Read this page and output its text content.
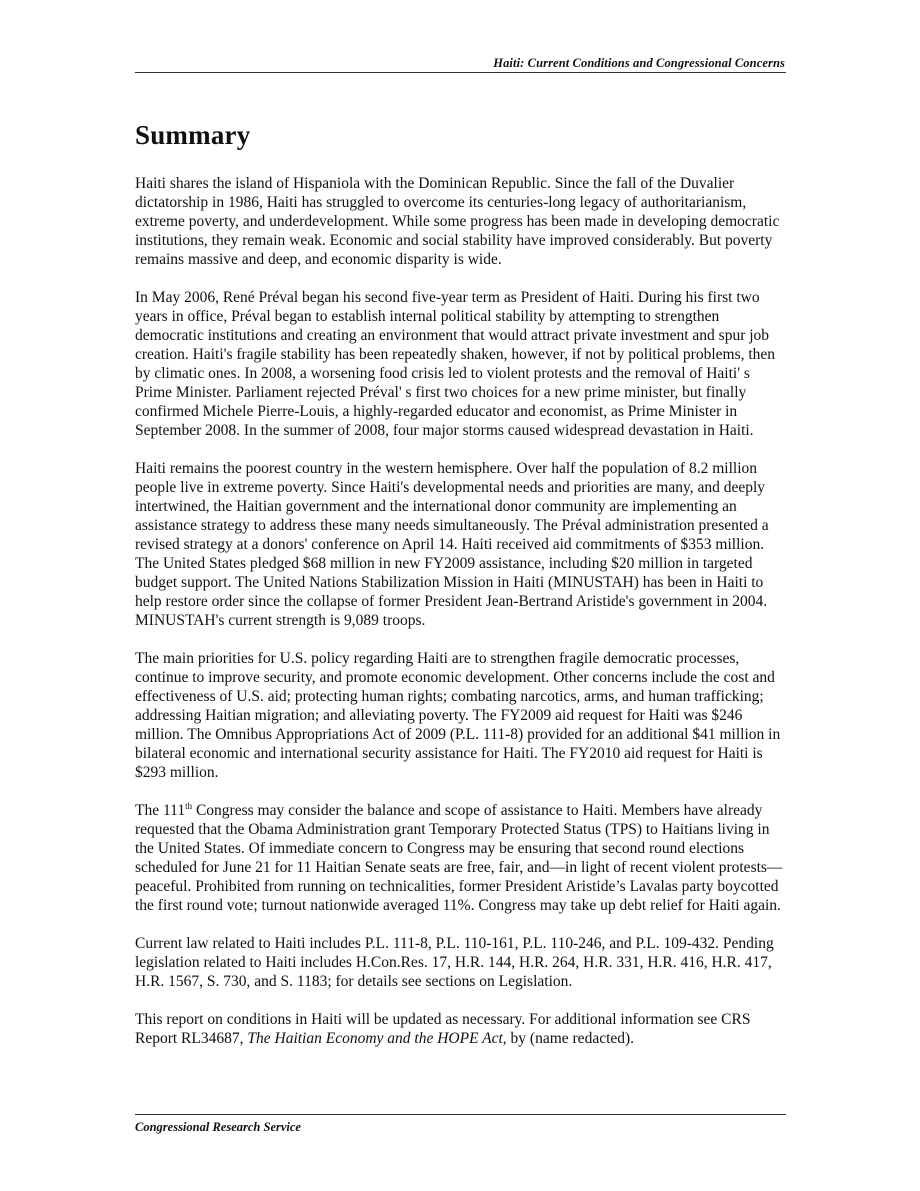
Haiti: Current Conditions and Congressional Concerns
Summary

Haiti shares the island of Hispaniola with the Dominican Republic. Since the fall of the Duvalier dictatorship in 1986, Haiti has struggled to overcome its centuries-long legacy of authoritarianism, extreme poverty, and underdevelopment. While some progress has been made in developing democratic institutions, they remain weak. Economic and social stability have improved considerably. But poverty remains massive and deep, and economic disparity is wide.

In May 2006, René Préval began his second five-year term as President of Haiti. During his first two years in office, Préval began to establish internal political stability by attempting to strengthen democratic institutions and creating an environment that would attract private investment and spur job creation. Haiti's fragile stability has been repeatedly shaken, however, if not by political problems, then by climatic ones. In 2008, a worsening food crisis led to violent protests and the removal of Haiti' s Prime Minister. Parliament rejected Préval' s first two choices for a new prime minister, but finally confirmed Michele Pierre-Louis, a highly-regarded educator and economist, as Prime Minister in September 2008. In the summer of 2008, four major storms caused widespread devastation in Haiti.

Haiti remains the poorest country in the western hemisphere. Over half the population of 8.2 million people live in extreme poverty. Since Haiti's developmental needs and priorities are many, and deeply intertwined, the Haitian government and the international donor community are implementing an assistance strategy to address these many needs simultaneously. The Préval administration presented a revised strategy at a donors' conference on April 14. Haiti received aid commitments of $353 million. The United States pledged $68 million in new FY2009 assistance, including $20 million in targeted budget support. The United Nations Stabilization Mission in Haiti (MINUSTAH) has been in Haiti to help restore order since the collapse of former President Jean-Bertrand Aristide's government in 2004. MINUSTAH's current strength is 9,089 troops.

The main priorities for U.S. policy regarding Haiti are to strengthen fragile democratic processes, continue to improve security, and promote economic development. Other concerns include the cost and effectiveness of U.S. aid; protecting human rights; combating narcotics, arms, and human trafficking; addressing Haitian migration; and alleviating poverty. The FY2009 aid request for Haiti was $246 million. The Omnibus Appropriations Act of 2009 (P.L. 111-8) provided for an additional $41 million in bilateral economic and international security assistance for Haiti. The FY2010 aid request for Haiti is $293 million.

The 111th Congress may consider the balance and scope of assistance to Haiti. Members have already requested that the Obama Administration grant Temporary Protected Status (TPS) to Haitians living in the United States. Of immediate concern to Congress may be ensuring that second round elections scheduled for June 21 for 11 Haitian Senate seats are free, fair, and—in light of recent violent protests—peaceful. Prohibited from running on technicalities, former President Aristide’s Lavalas party boycotted the first round vote; turnout nationwide averaged 11%. Congress may take up debt relief for Haiti again.

Current law related to Haiti includes P.L. 111-8, P.L. 110-161, P.L. 110-246, and P.L. 109-432. Pending legislation related to Haiti includes H.Con.Res. 17, H.R. 144, H.R. 264, H.R. 331, H.R. 416, H.R. 417, H.R. 1567, S. 730, and S. 1183; for details see sections on Legislation.

This report on conditions in Haiti will be updated as necessary. For additional information see CRS Report RL34687, The Haitian Economy and the HOPE Act, by (name redacted).

Congressional Research Service
